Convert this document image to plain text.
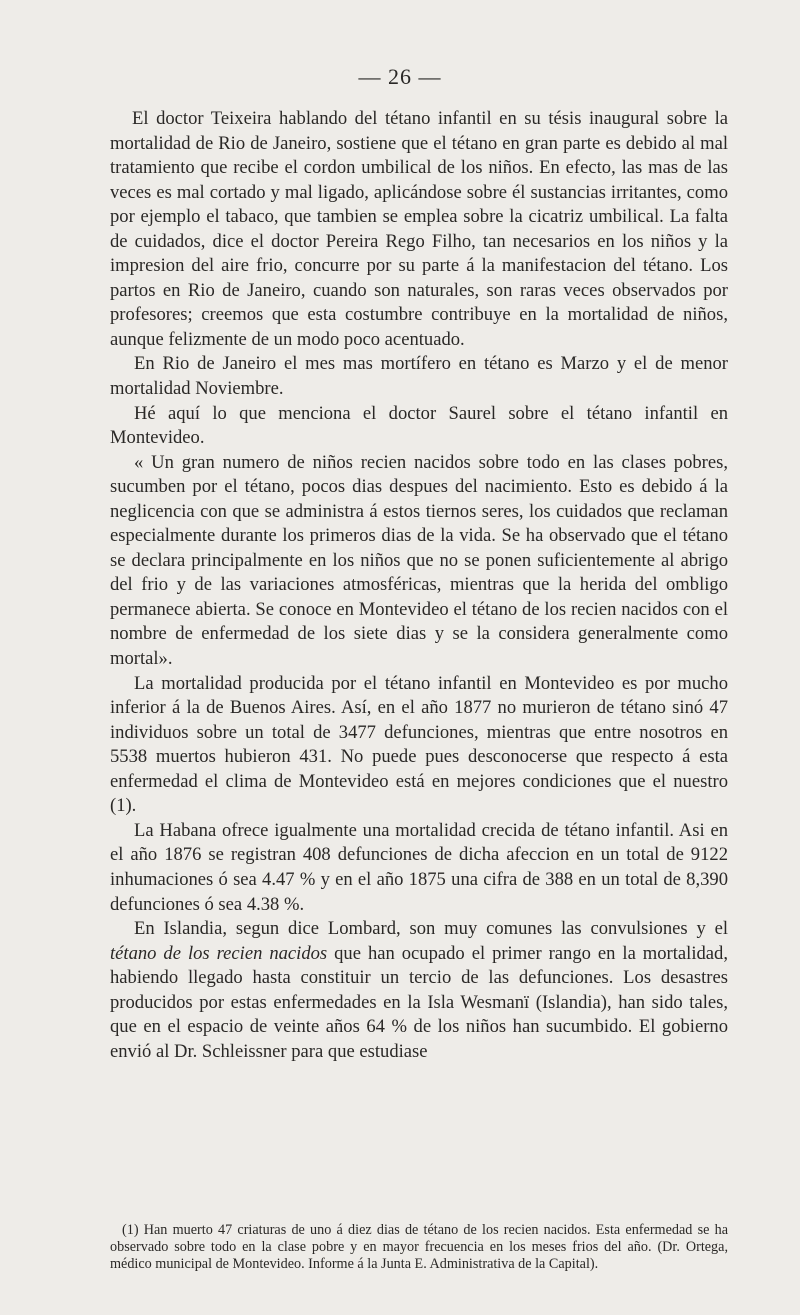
— 26 —

El doctor Teixeira hablando del tétano infantil en su tésis inaugural sobre la mortalidad de Rio de Janeiro, sostiene que el tétano en gran parte es debido al mal tratamiento que recibe el cordon umbilical de los niños. En efecto, las mas de las veces es mal cortado y mal ligado, aplicándose sobre él sustancias irritantes, como por ejemplo el tabaco, que tambien se emplea sobre la cicatriz umbilical. La falta de cuidados, dice el doctor Pereira Rego Filho, tan necesarios en los niños y la impresion del aire frio, concurre por su parte á la manifestacion del tétano. Los partos en Rio de Janeiro, cuando son naturales, son raras veces observados por profesores; creemos que esta costumbre contribuye en la mortalidad de niños, aunque felizmente de un modo poco acentuado.

En Rio de Janeiro el mes mas mortífero en tétano es Marzo y el de menor mortalidad Noviembre.

Hé aquí lo que menciona el doctor Saurel sobre el tétano infantil en Montevideo.

« Un gran numero de niños recien nacidos sobre todo en las clases pobres, sucumben por el tétano, pocos dias despues del nacimiento. Esto es debido á la neglicencia con que se administra á estos tiernos seres, los cuidados que reclaman especialmente durante los primeros dias de la vida. Se ha observado que el tétano se declara principalmente en los niños que no se ponen suficientemente al abrigo del frio y de las variaciones atmosféricas, mientras que la herida del ombligo permanece abierta. Se conoce en Montevideo el tétano de los recien nacidos con el nombre de enfermedad de los siete dias y se la considera generalmente como mortal».

La mortalidad producida por el tétano infantil en Montevideo es por mucho inferior á la de Buenos Aires. Así, en el año 1877 no murieron de tétano sinó 47 individuos sobre un total de 3477 defunciones, mientras que entre nosotros en 5538 muertos hubieron 431. No puede pues desconocerse que respecto á esta enfermedad el clima de Montevideo está en mejores condiciones que el nuestro (1).

La Habana ofrece igualmente una mortalidad crecida de tétano infantil. Asi en el año 1876 se registran 408 defunciones de dicha afeccion en un total de 9122 inhumaciones ó sea 4.47 % y en el año 1875 una cifra de 388 en un total de 8,390 defunciones ó sea 4.38 %.

En Islandia, segun dice Lombard, son muy comunes las convulsiones y el tétano de los recien nacidos que han ocupado el primer rango en la mortalidad, habiendo llegado hasta constituir un tercio de las defunciones. Los desastres producidos por estas enfermedades en la Isla Wesmanï (Islandia), han sido tales, que en el espacio de veinte años 64 % de los niños han sucumbido. El gobierno envió al Dr. Schleissner para que estudiase

(1) Han muerto 47 criaturas de uno á diez dias de tétano de los recien nacidos. Esta enfermedad se ha observado sobre todo en la clase pobre y en mayor frecuencia en los meses frios del año. (Dr. Ortega, médico municipal de Montevideo. Informe á la Junta E. Administrativa de la Capital).
